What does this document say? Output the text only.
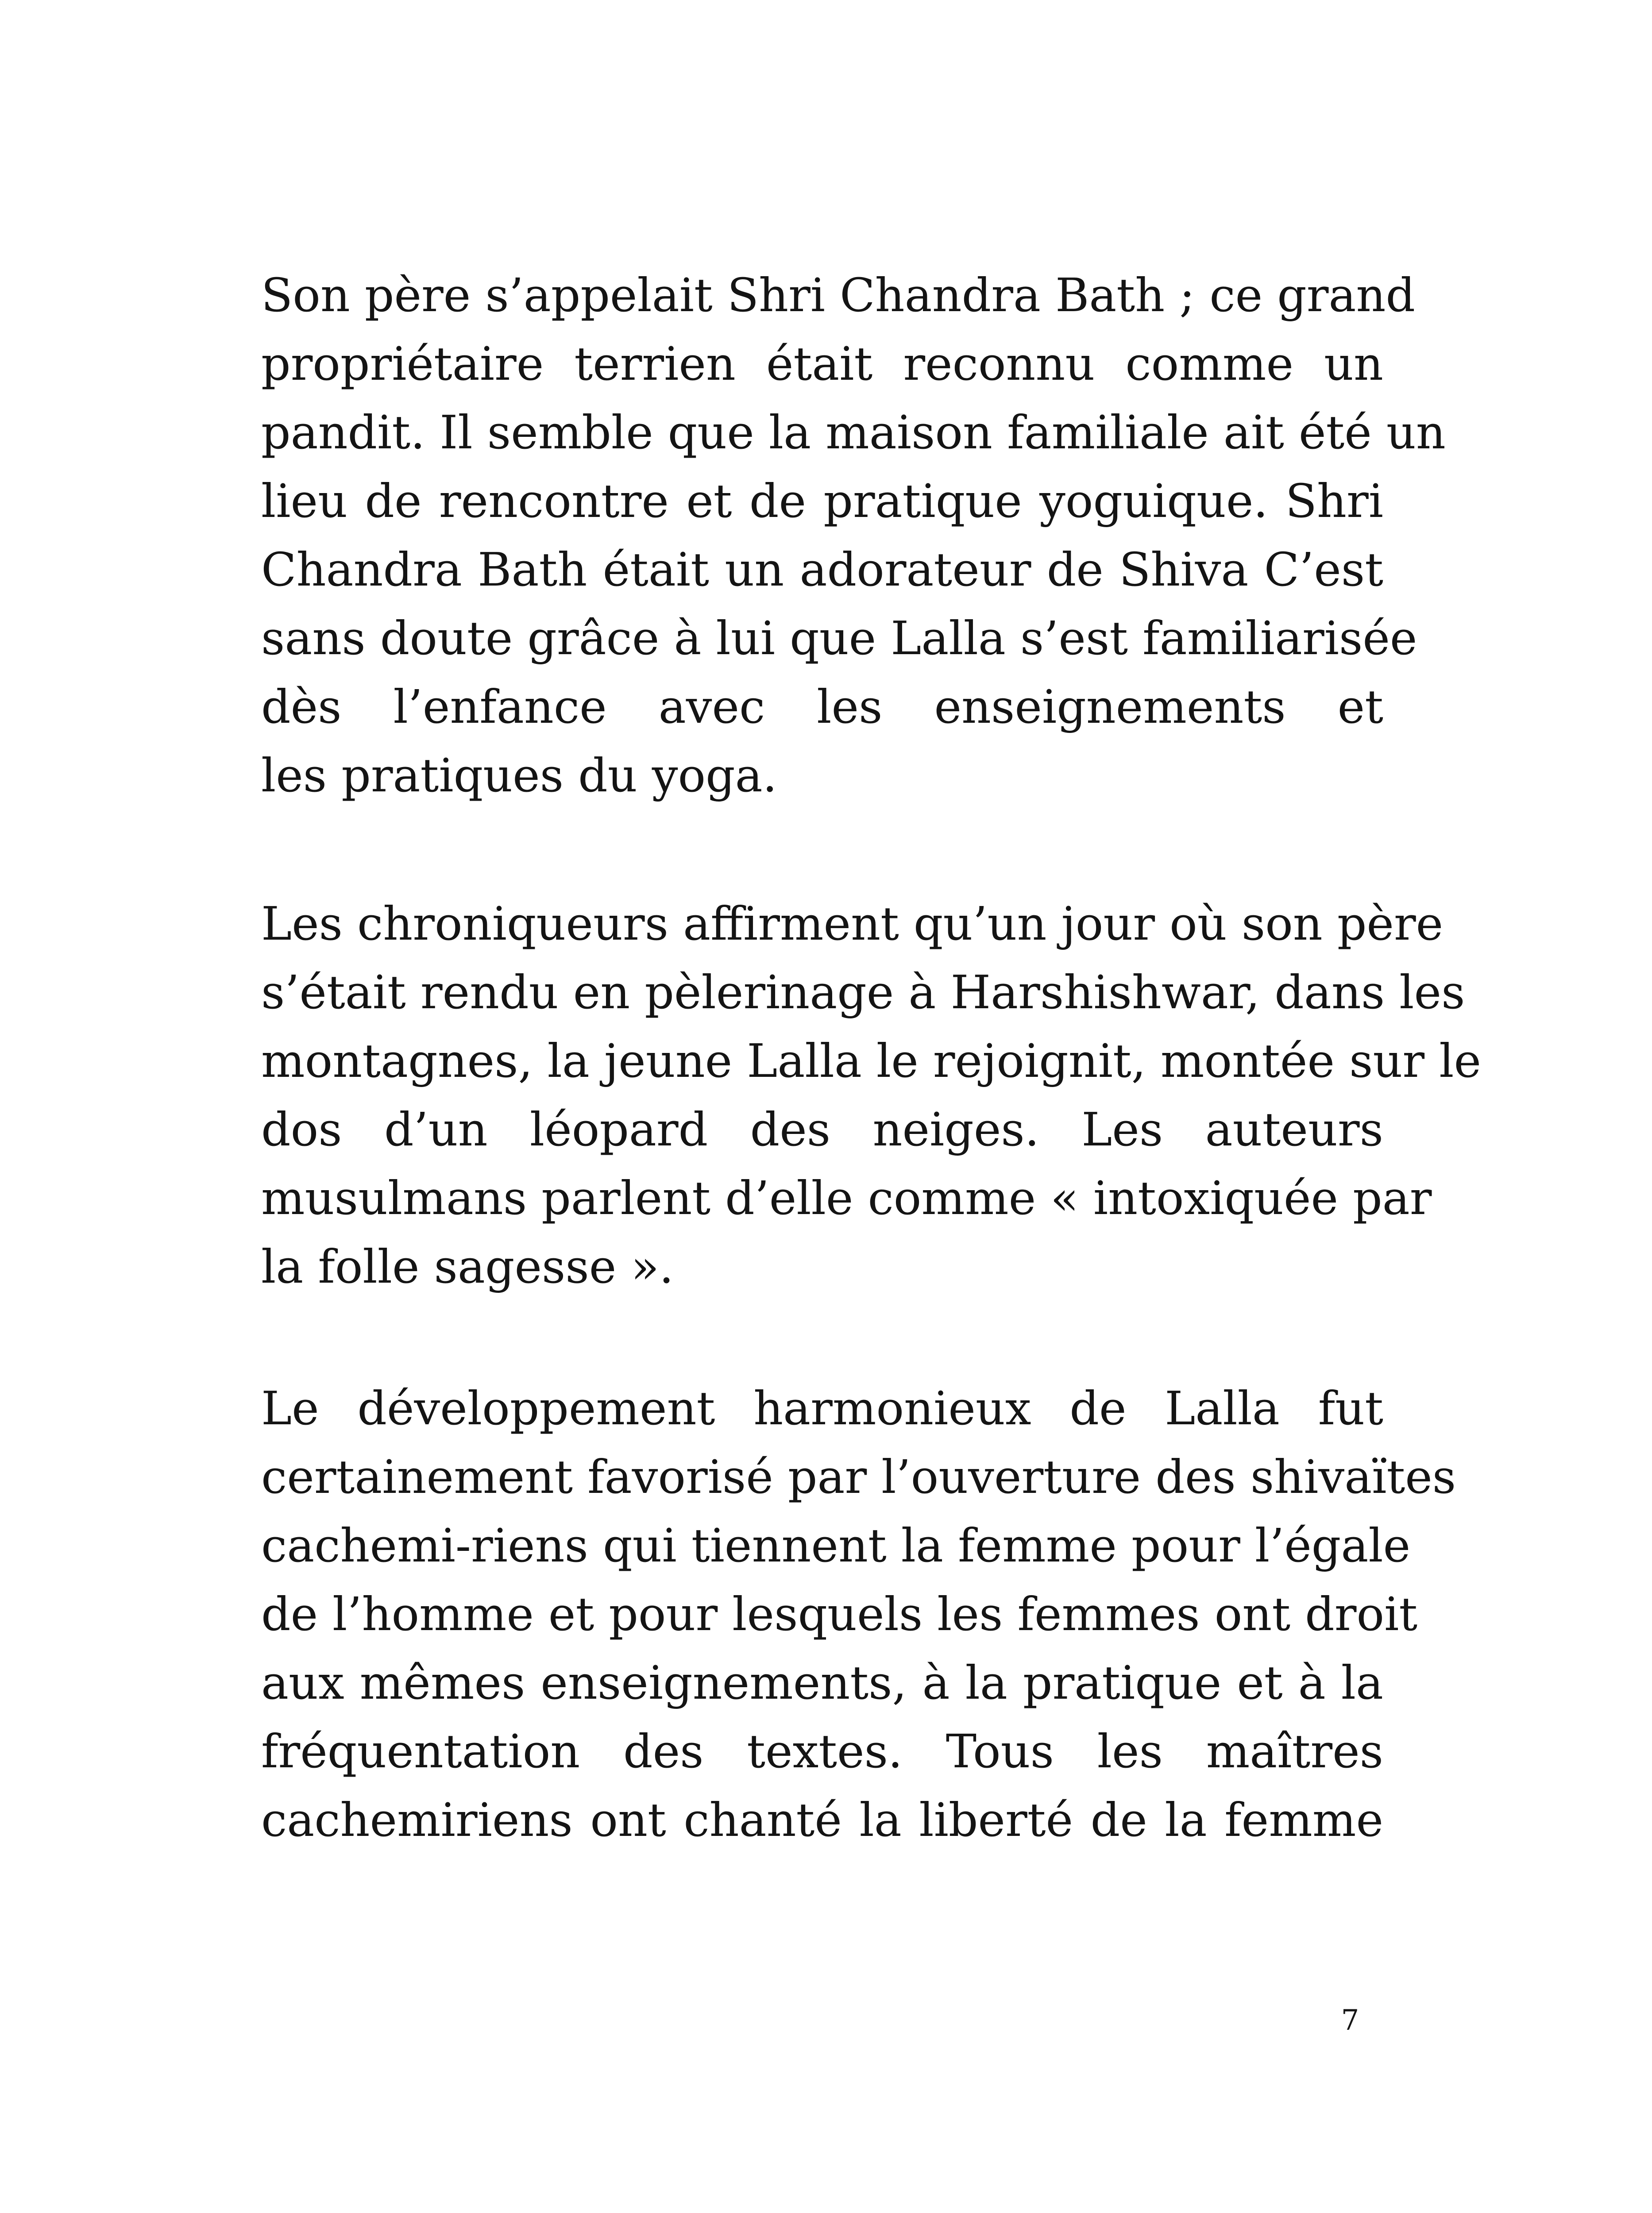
Son père s’appelait Shri Chandra Bath ; ce grand
propriétaire terrien était reconnu comme un
pandit. Il semble que la maison familiale ait été un
lieu de rencontre et de pratique yoguique. Shri
Chandra Bath était un adorateur de Shiva C’est
sans doute grâce à lui que Lalla s’est familiarisée
dès l’enfance avec les enseignements et
les pratiques du yoga.
Les chroniqueurs affirment qu’un jour où son père
s’était rendu en pèlerinage à Harshishwar, dans les
montagnes, la jeune Lalla le rejoignit, montée sur le
dos d’un léopard des neiges. Les auteurs
musulmans parlent d’elle comme « intoxiquée par
la folle sagesse ».
Le développement harmonieux de Lalla fut
certainement favorisé par l’ouverture des shivaïtes
cachemi-riens qui tiennent la femme pour l’égale
de l’homme et pour lesquels les femmes ont droit
aux mêmes enseignements, à la pratique et à la
fréquentation des textes. Tous les maîtres
cachemiriens ont chanté la liberté de la femme
7
